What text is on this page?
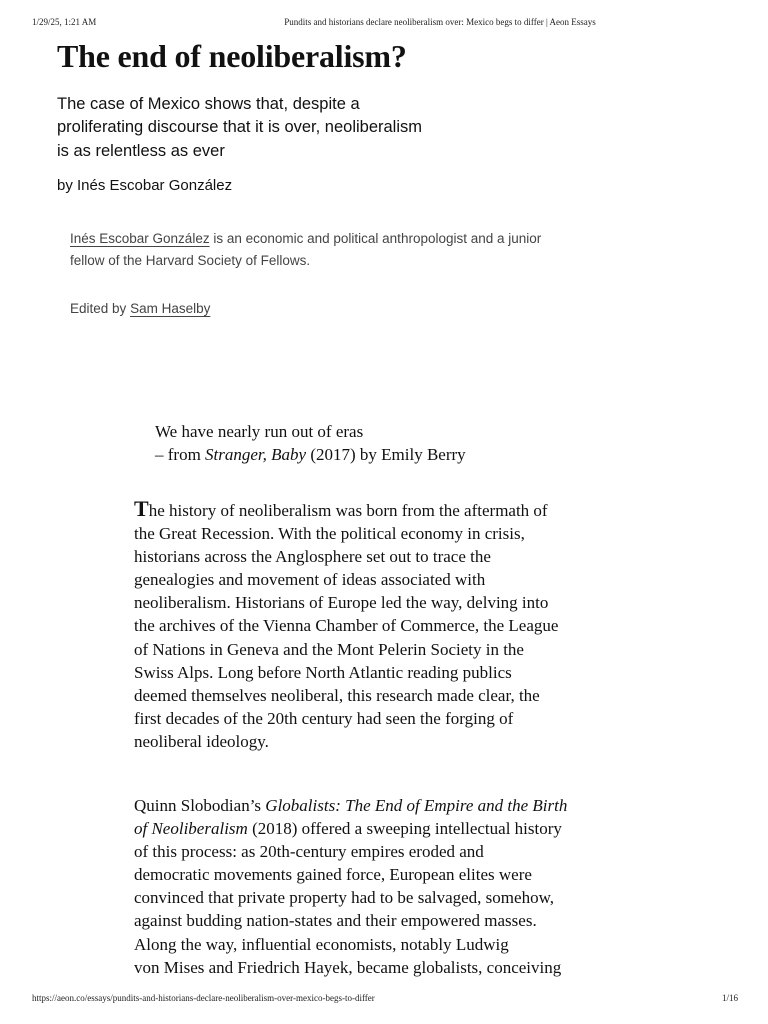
1/29/25, 1:21 AM	Pundits and historians declare neoliberalism over: Mexico begs to differ | Aeon Essays
The end of neoliberalism?

The case of Mexico shows that, despite a
proliferating discourse that it is over, neoliberalism
is as relentless as ever

by Inés Escobar González

Inés Escobar González is an economic and political anthropologist and a junior
fellow of the Harvard Society of Fellows.

Edited by Sam Haselby

We have nearly run out of eras
– from Stranger, Baby (2017) by Emily Berry

The history of neoliberalism was born from the aftermath of
the Great Recession. With the political economy in crisis,
historians across the Anglosphere set out to trace the
genealogies and movement of ideas associated with
neoliberalism. Historians of Europe led the way, delving into
the archives of the Vienna Chamber of Commerce, the League
of Nations in Geneva and the Mont Pelerin Society in the
Swiss Alps. Long before North Atlantic reading publics
deemed themselves neoliberal, this research made clear, the
first decades of the 20th century had seen the forging of
neoliberal ideology.

Quinn Slobodian’s Globalists: The End of Empire and the Birth
of Neoliberalism (2018) offered a sweeping intellectual history
of this process: as 20th-century empires eroded and
democratic movements gained force, European elites were
convinced that private property had to be salvaged, somehow,
against budding nation-states and their empowered masses.
Along the way, influential economists, notably Ludwig
von Mises and Friedrich Hayek, became globalists, conceiving

https://aeon.co/essays/pundits-and-historians-declare-neoliberalism-over-mexico-begs-to-differ	1/16
